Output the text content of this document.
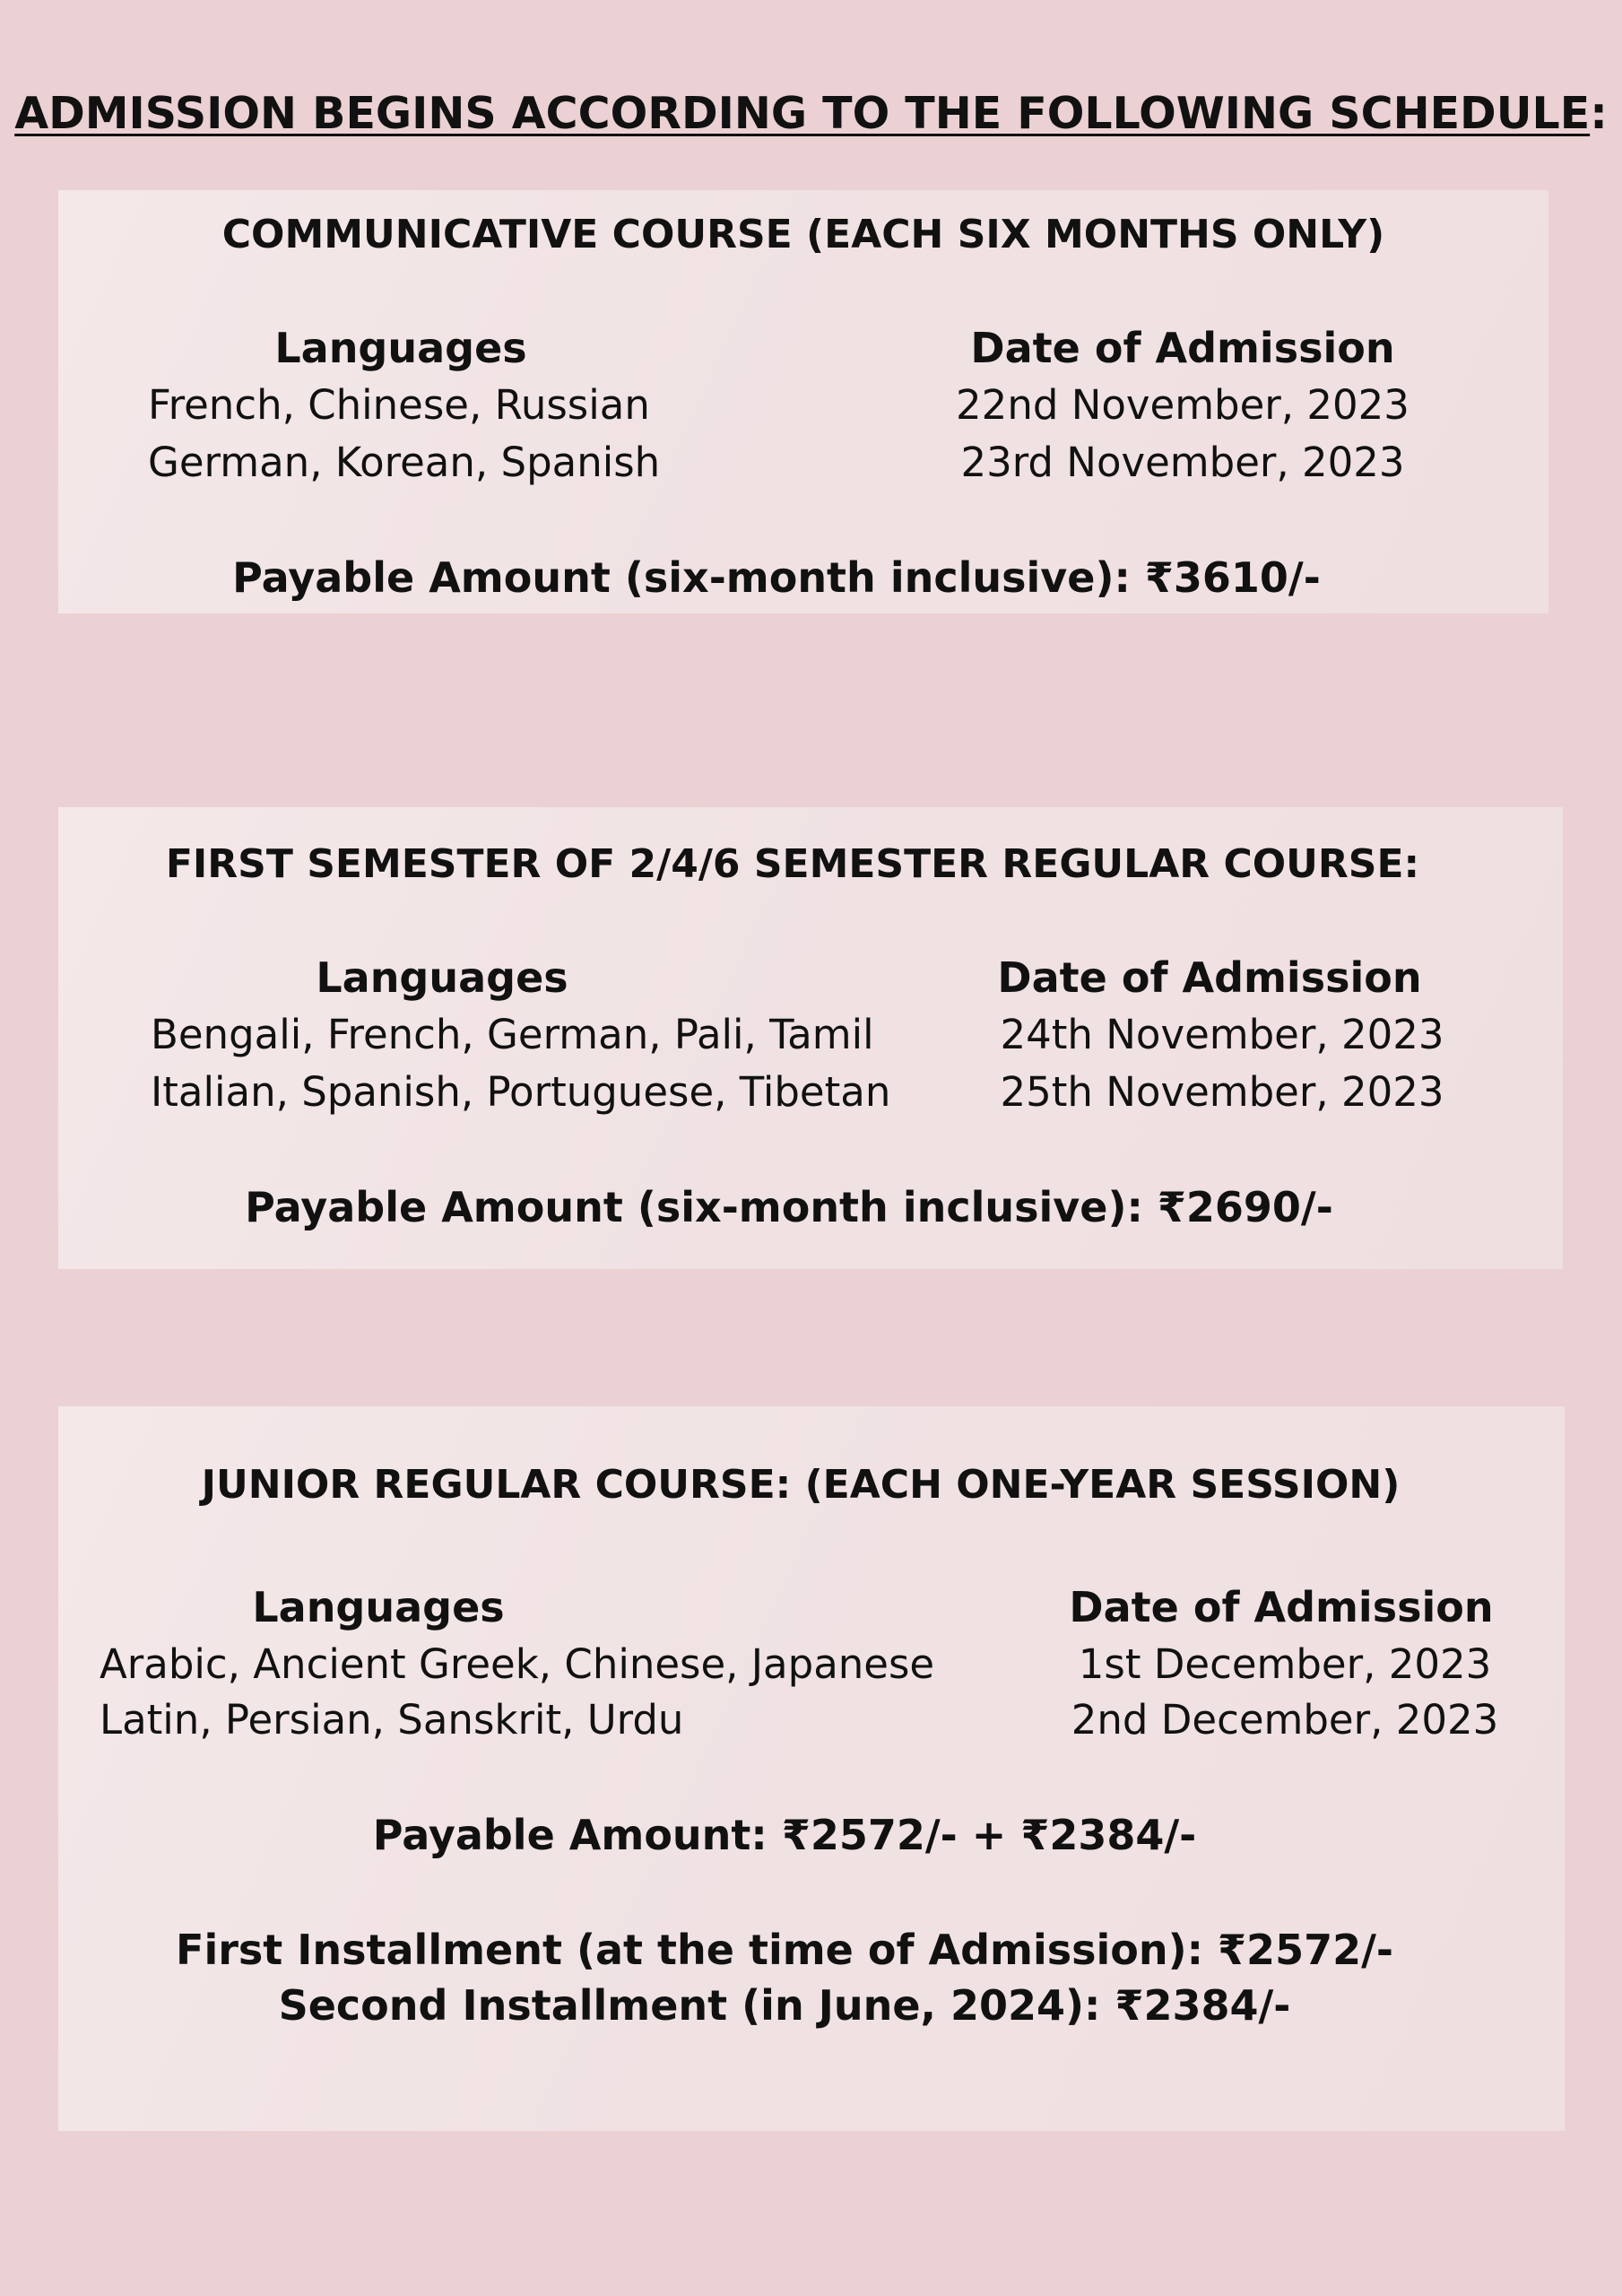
ADMISSION BEGINS ACCORDING TO THE FOLLOWING SCHEDULE:
COMMUNICATIVE COURSE (EACH SIX MONTHS ONLY)
Languages	Date of Admission
French, Chinese, Russian	22nd November, 2023
German, Korean, Spanish	23rd November, 2023
Payable Amount (six-month inclusive): ₹3610/-
FIRST SEMESTER OF 2/4/6 SEMESTER REGULAR COURSE:
Languages	Date of Admission
Bengali, French, German, Pali, Tamil	24th November, 2023
Italian, Spanish, Portuguese, Tibetan	25th November, 2023
Payable Amount (six-month inclusive): ₹2690/-
JUNIOR REGULAR COURSE: (EACH ONE-YEAR SESSION)
Languages	Date of Admission
Arabic, Ancient Greek, Chinese, Japanese	1st December, 2023
Latin, Persian, Sanskrit, Urdu	2nd December, 2023
Payable Amount: ₹2572/- + ₹2384/-
First Installment (at the time of Admission): ₹2572/-
Second Installment (in June, 2024): ₹2384/-
